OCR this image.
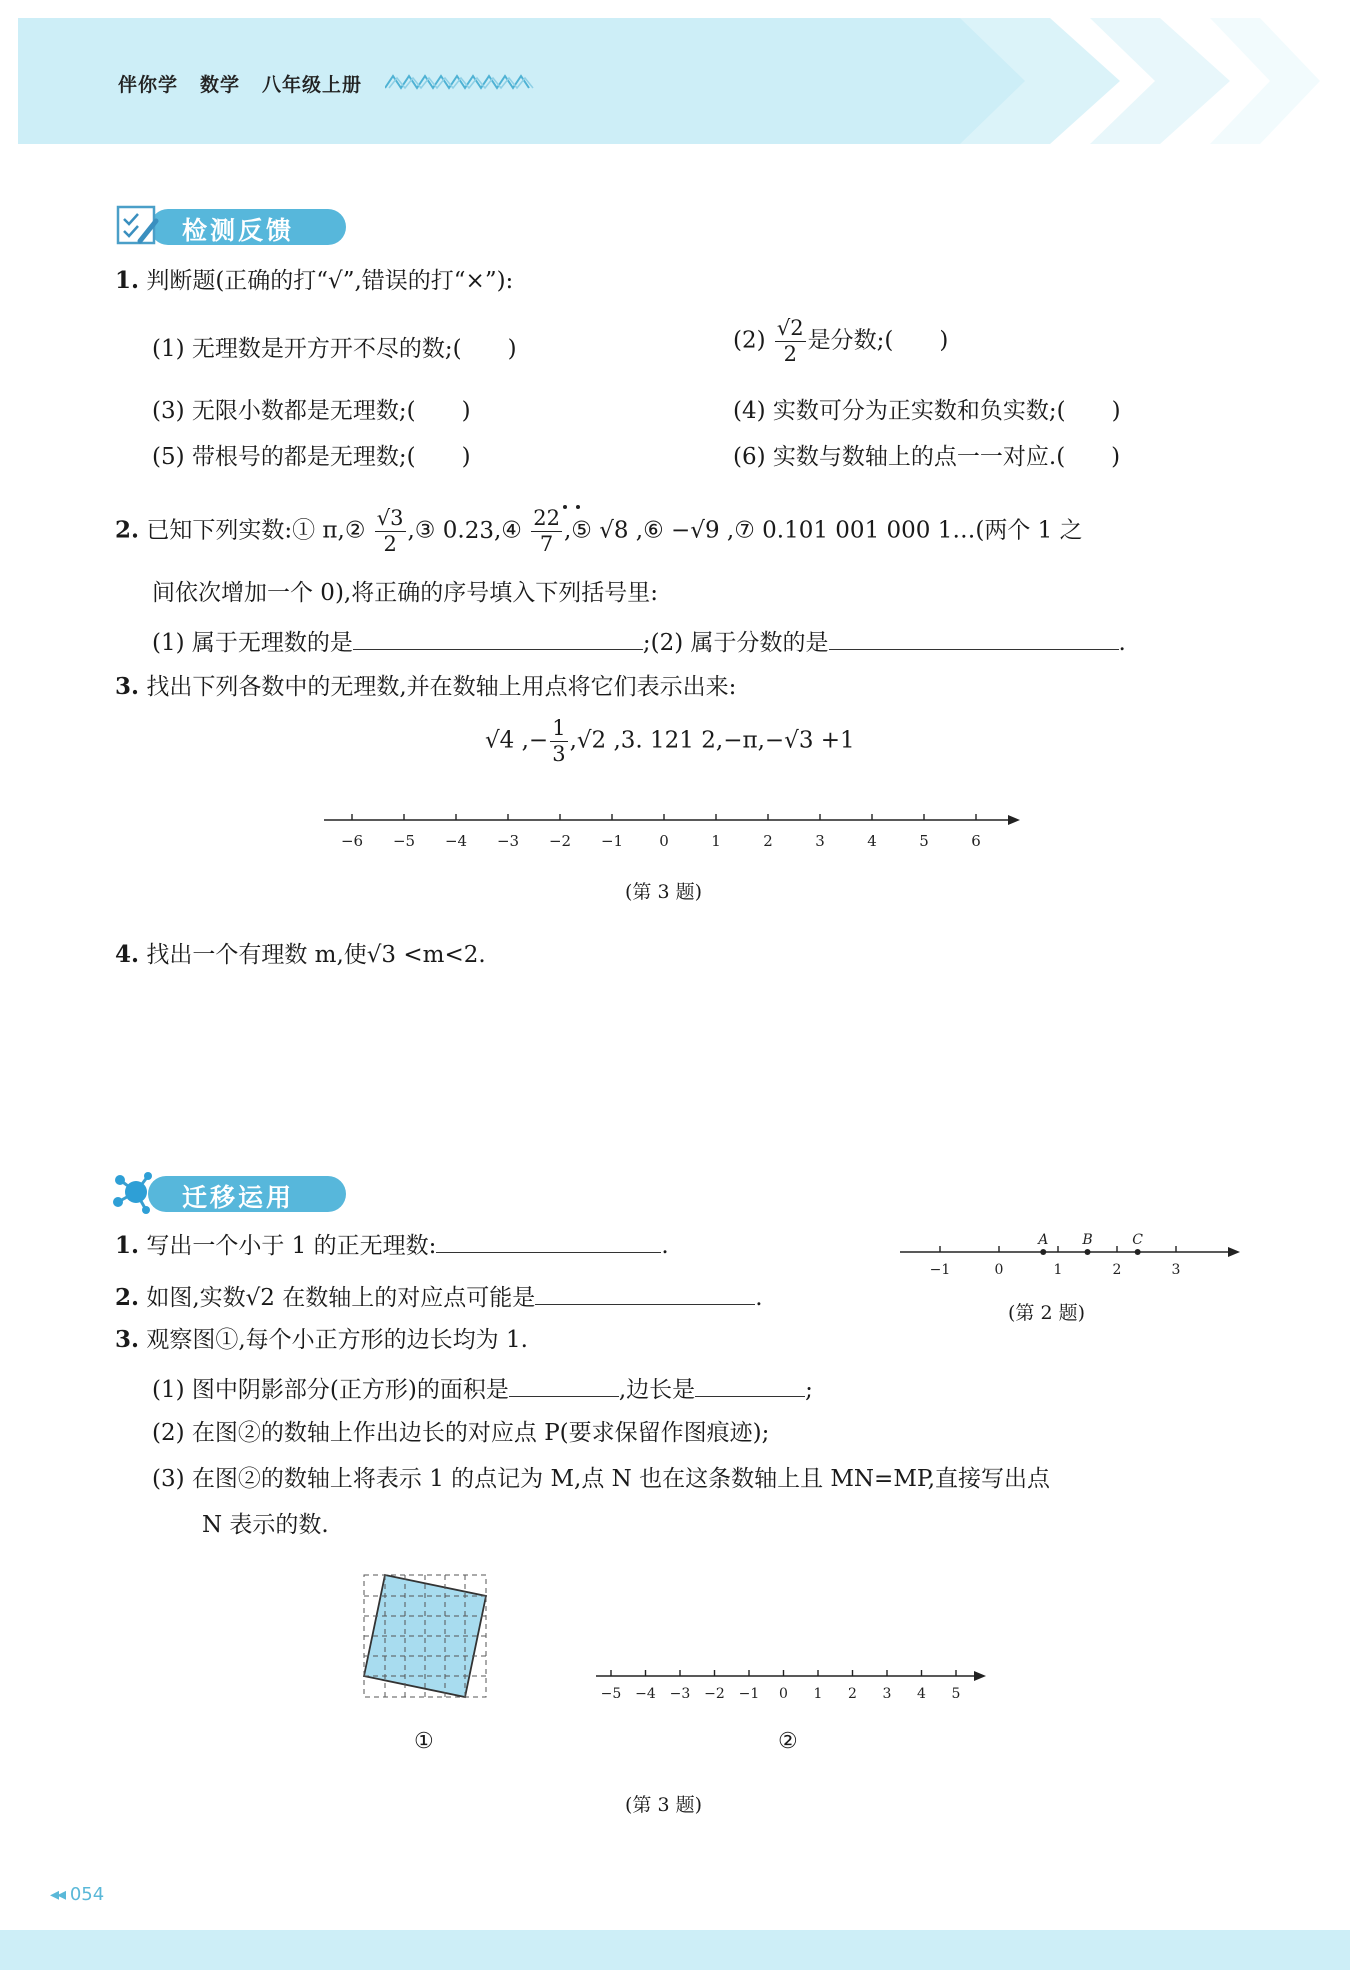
伴你学 数学 八年级上册
检测反馈
1. 判断题(正确的打“√”,错误的打“×”):
(1) 无理数是开方开不尽的数;(　　)	$(2) \frac{√2}{2}$ 是分数;(　　)
(3) 无限小数都是无理数;(　　)	(4) 实数可分为正实数和负实数;(　　)
(5) 带根号的都是无理数;(　　)	(6) 实数与数轴上的点一一对应.(　　)
2. 已知下列实数:① π,② $\frac{√3}{2}$ ,③ 0.23,④ $\frac{22}{7}$ ,⑤ √8 ,⑥ −√9 ,⑦ 0.101 001 000 1…(两个 1 之
间依次增加一个 0),将正确的序号填入下列括号里:
(1) 属于无理数的是	;(2) 属于分数的是	.
3. 找出下列各数中的无理数,并在数轴上用点将它们表示出来:
√4 ,− $\frac{1}{3} ,√2$ ,3. 121 2,−π,−√3 +1
−6 −5 −4 −3 −2 −1 0	1	2	3	4	5	6
(第 3 题)
4. 找出一个有理数 m,使√3 <m<2.
迁移运用
1. 写出一个小于 1 的正无理数:	.
2. 如图,实数√2 在数轴上的对应点可能是	.
−1	0	1	2	3
A B	C
(第 2 题)
3. 观察图①,每个小正方形的边长均为 1.
(1) 图中阴影部分(正方形)的面积是	,边长是	;
(2) 在图②的数轴上作出边长的对应点 P(要求保留作图痕迹);
(3) 在图②的数轴上将表示 1 的点记为 M,点 N 也在这条数轴上且 MN=MP,直接写出点
N 表示的数.
①
−5 −4 −3 −2 −1 0 1 2 3 4 5
②
(第 3 题)
◂◂ 054
